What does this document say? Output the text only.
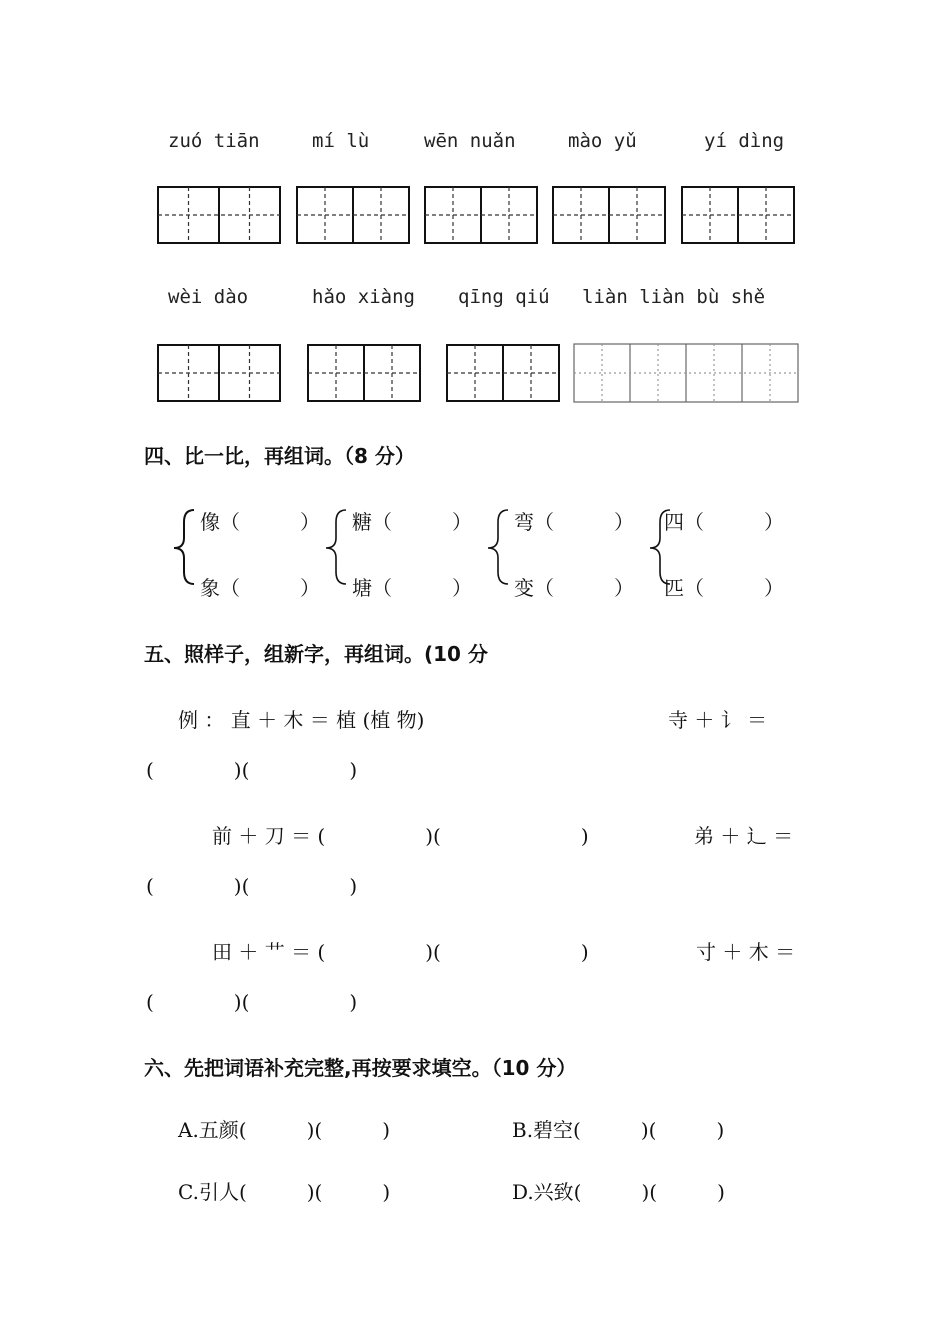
zuó tiān	mí lù	wēn nuǎn	mào yǔ	yí dìng
wèi dào	hǎo xiàng qīng qiú liàn liàn bù shě
四、比一比，再组词。（8 分）
像（　　　）
象（　　　）
糖（　　　）
塘（　　　）
弯（　　　）
变（　　　）
四（　　　）
匹（　　　）
五、照样子，组新字，再组词。(10 分
例 ： 直 ＋ 木 ＝ 植 (植 物)	寺 ＋ 讠 ＝
(　　　　)(　　　　　)
前 ＋ 刀 ＝ (　　　　　)(　　　　　　　)	弟 ＋ 辶 ＝
(　　　　)(　　　　　)
田 ＋ 艹 ＝ (　　　　　)(　　　　　　　)	寸 ＋ 木 ＝
(　　　　)(　　　　　)
六、先把词语补充完整,再按要求填空。（10 分）
A.五颜(　　　)(　　　)	B.碧空(　　　)(　　　)
C.引人(　　　)(　　　)	D.兴致(　　　)(　　　)
